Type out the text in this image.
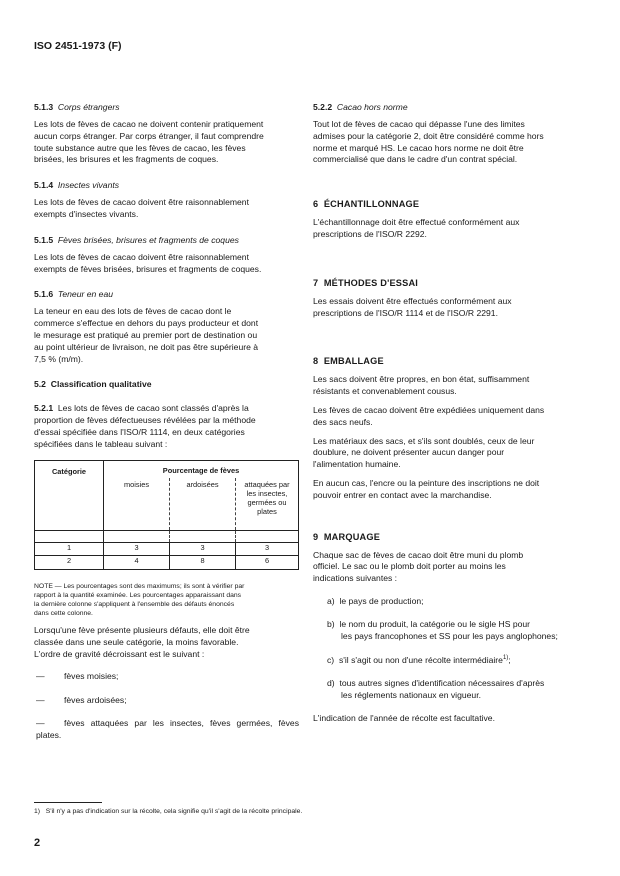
ISO 2451-1973 (F)

5.1.3 Corps étrangers

Les lots de fèves de cacao ne doivent contenir pratiquement
aucun corps étranger. Par corps étranger, il faut comprendre
toute substance autre que les fèves de cacao, les fèves
brisées, les brisures et les fragments de coques.

5.1.4 Insectes vivants

Les lots de fèves de cacao doivent être raisonnablement
exempts d'insectes vivants.

5.1.5 Fèves brisées, brisures et fragments de coques

Les lots de fèves de cacao doivent être raisonnablement
exempts de fèves brisées, brisures et fragments de coques.

5.1.6 Teneur en eau

La teneur en eau des lots de fèves de cacao dont le
commerce s'effectue en dehors du pays producteur et dont
le mesurage est pratiqué au premier port de destination ou
au point ultérieur de livraison, ne doit pas être supérieure à
7,5 % (m/m).

5.2 Classification qualitative

5.2.1 Les lots de fèves de cacao sont classés d'après la
proportion de fèves défectueuses révélées par la méthode
d'essai spécifiée dans l'ISO/R 1114, en deux catégories
spécifiées dans le tableau suivant :

Catégorie	Pourcentage de fèves		
	moisies	ardoisées	attaquées par les insectes, germées ou plates

1	3	3	3
2	4	8	6

NOTE — Les pourcentages sont des maximums; ils sont à vérifier par
rapport à la quantité examinée. Les pourcentages apparaissant dans
la dernière colonne s'appliquent à l'ensemble des défauts énoncés
dans cette colonne.

Lorsqu'une fève présente plusieurs défauts, elle doit être
classée dans une seule catégorie, la moins favorable.
L'ordre de gravité décroissant est le suivant :

—	fèves moisies;
—	fèves ardoisées;
—	fèves attaquées par les insectes, fèves germées, fèves
plates.

5.2.2 Cacao hors norme

Tout lot de fèves de cacao qui dépasse l'une des limites
admises pour la catégorie 2, doit être considéré comme hors
norme et marqué HS. Le cacao hors norme ne doit être
commercialisé que dans le cadre d'un contrat spécial.

6 ÉCHANTILLONNAGE

L'échantillonnage doit être effectué conformément aux
prescriptions de l'ISO/R 2292.

7 MÉTHODES D'ESSAI

Les essais doivent être effectués conformément aux
prescriptions de l'ISO/R 1114 et de l'ISO/R 2291.

8 EMBALLAGE

Les sacs doivent être propres, en bon état, suffisamment
résistants et convenablement cousus.

Les fèves de cacao doivent être expédiées uniquement dans
des sacs neufs.

Les matériaux des sacs, et s'ils sont doublés, ceux de leur
doublure, ne doivent présenter aucun danger pour
l'alimentation humaine.

En aucun cas, l'encre ou la peinture des inscriptions ne doit
pouvoir entrer en contact avec la marchandise.

9 MARQUAGE

Chaque sac de fèves de cacao doit être muni du plomb
officiel. Le sac ou le plomb doit porter au moins les
indications suivantes :

a) le pays de production;
b) le nom du produit, la catégorie ou le sigle HS pour
les pays francophones et SS pour les pays anglophones;
c) s'il s'agit ou non d'une récolte intermédiaire$^{1)}$;
d) tous autres signes d'identification nécessaires d'après
les réglements nationaux en vigueur.

L'indication de l'année de récolte est facultative.

1) S'il n'y a pas d'indication sur la récolte, cela signifie qu'il s'agit de la récolte principale.
2
